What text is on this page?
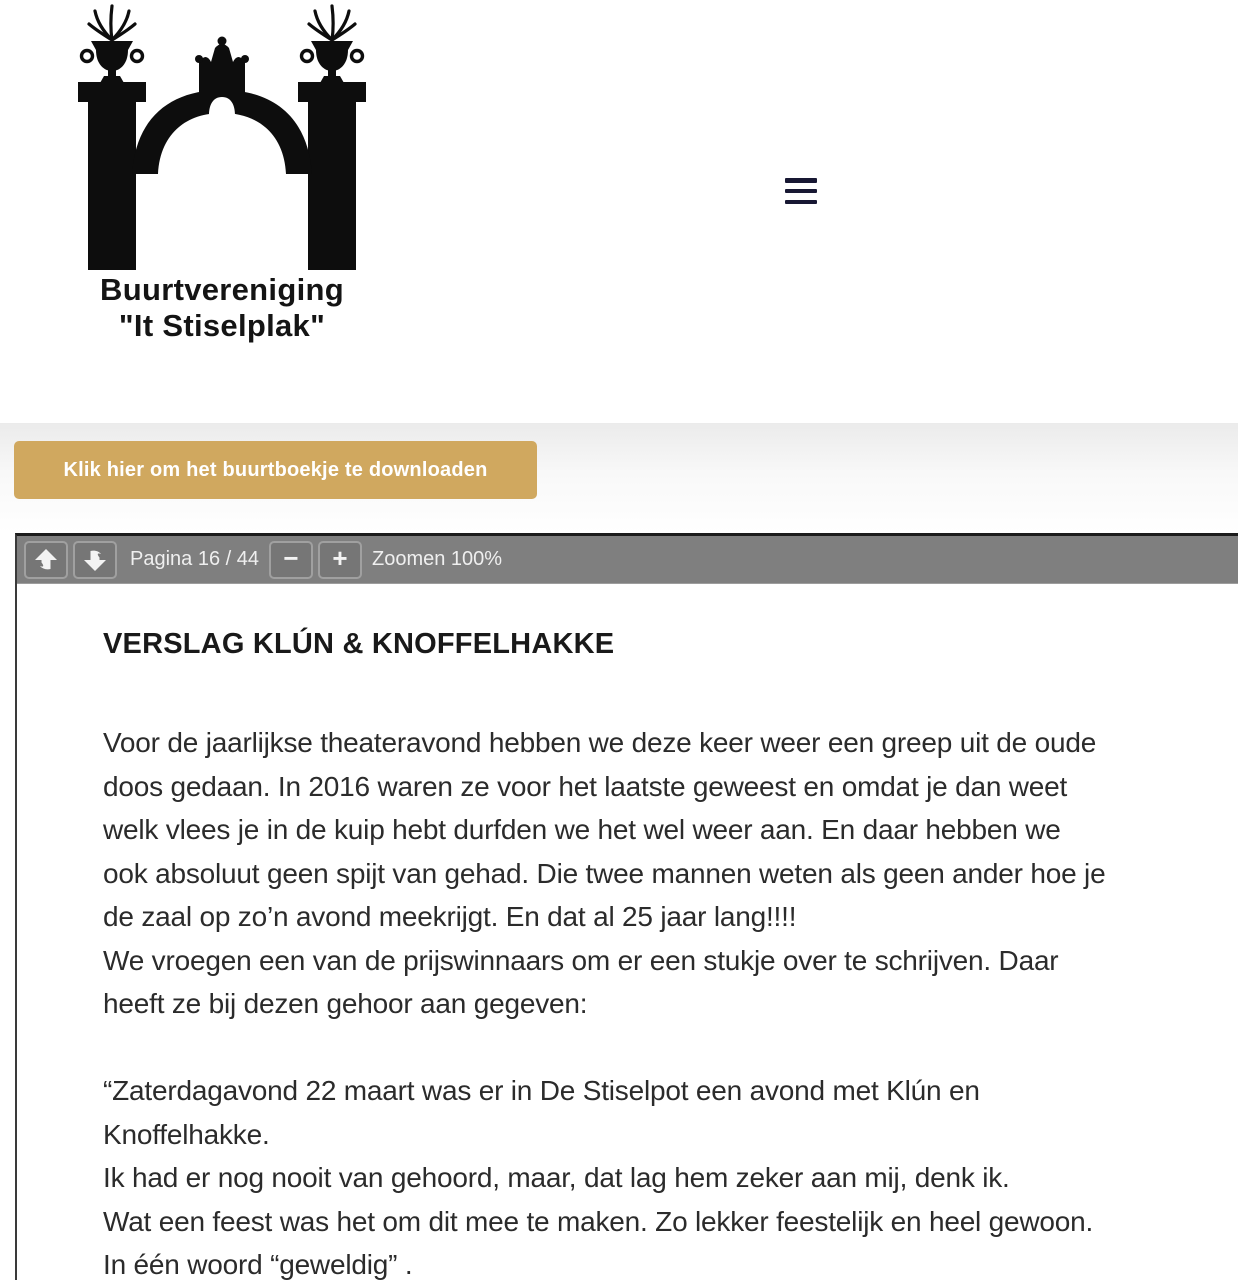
Buurtvereniging
"It Stiselplak"
Klik hier om het buurtboekje te downloaden
Pagina 16 / 44 −	+	Zoomen 100%
VERSLAG KLÚN & KNOFFELHAKKE
Voor de jaarlijkse theateravond hebben we deze keer weer een greep uit de oude
doos gedaan. In 2016 waren ze voor het laatste geweest en omdat je dan weet
welk vlees je in de kuip hebt durfden we het wel weer aan. En daar hebben we
ook absoluut geen spijt van gehad. Die twee mannen weten als geen ander hoe je
de zaal op zo’n avond meekrijgt. En dat al 25 jaar lang!!!!
We vroegen een van de prijswinnaars om er een stukje over te schrijven. Daar
heeft ze bij dezen gehoor aan gegeven:

“Zaterdagavond 22 maart was er in De Stiselpot een avond met Klún en
Knoffelhakke.
Ik had er nog nooit van gehoord, maar, dat lag hem zeker aan mij, denk ik.
Wat een feest was het om dit mee te maken. Zo lekker feestelijk en heel gewoon.
In één woord “geweldig” .
